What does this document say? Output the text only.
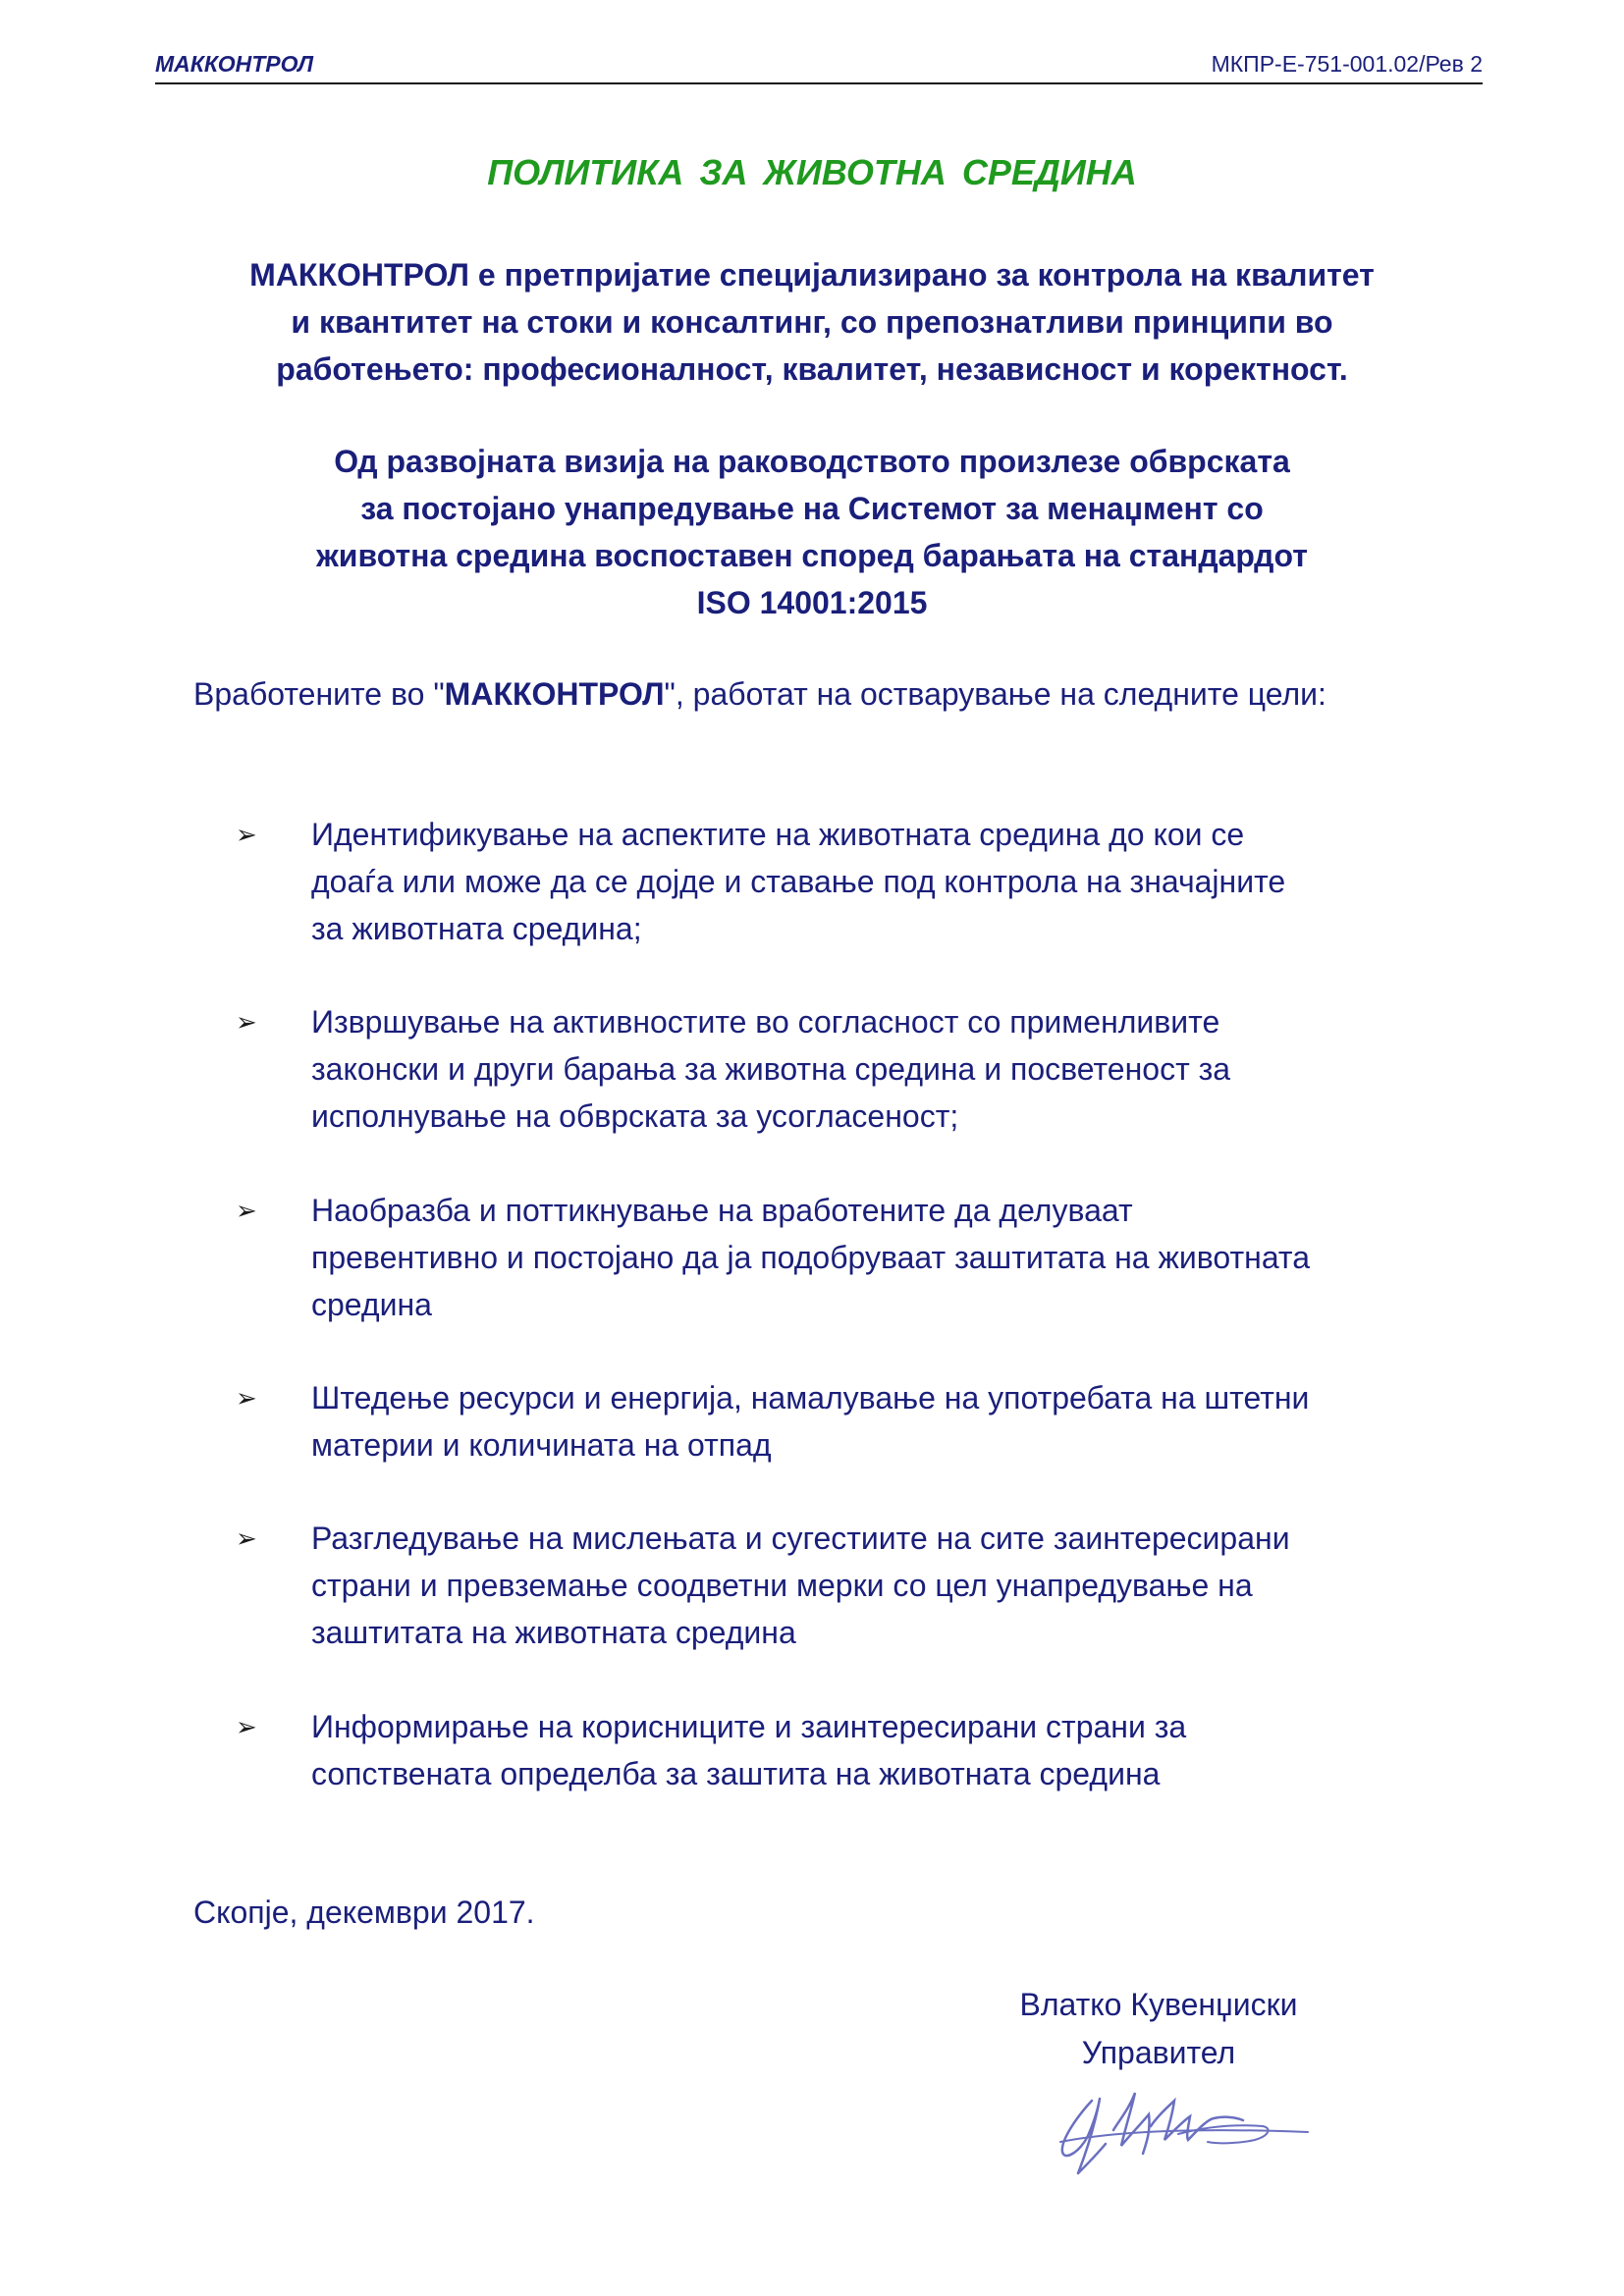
МАККОНТРОЛ	МКПР-Е-751-001.02/Рев 2
ПОЛИТИКА ЗА ЖИВОТНА СРЕДИНА
МАККОНТРОЛ е претпријатие специјализирано за контрола на квалитет
и квантитет на стоки и консалтинг, со препознатливи принципи во
работењето: професионалност, квалитет, независност и коректност.
Од развојната визија на раководството произлезе обврската
за постојано унапредување на Системот за менаџмент со
животна средина воспоставен според барањата на стандардот
ISO 14001:2015
Вработените во "МАККОНТРОЛ", работат на остварување на следните цели:
➢ Идентификување на аспектите на животната средина до кои се
доаѓа или може да се дојде и ставање под контрола на значајните
за животната средина;
➢ Извршување на активностите во согласност со применливите
законски и други барања за животна средина и посветеност за
исполнување на обврската за усогласеност;
➢ Наобразба и поттикнување на вработените да делуваат
превентивно и постојано да ја подобруваат заштитата на животната
средина
➢ Штедење ресурси и енергија, намалување на употребата на штетни
материи и количината на отпад
➢ Разгледување на мислењата и сугестиите на сите заинтересирани
страни и превземање соодветни мерки со цел унапредување на
заштитата на животната средина
➢ Информирање на корисниците и заинтересирани страни за
сопствената определба за заштита на животната средина
Скопје, декември 2017.
Влатко Кувенџиски
Управител
